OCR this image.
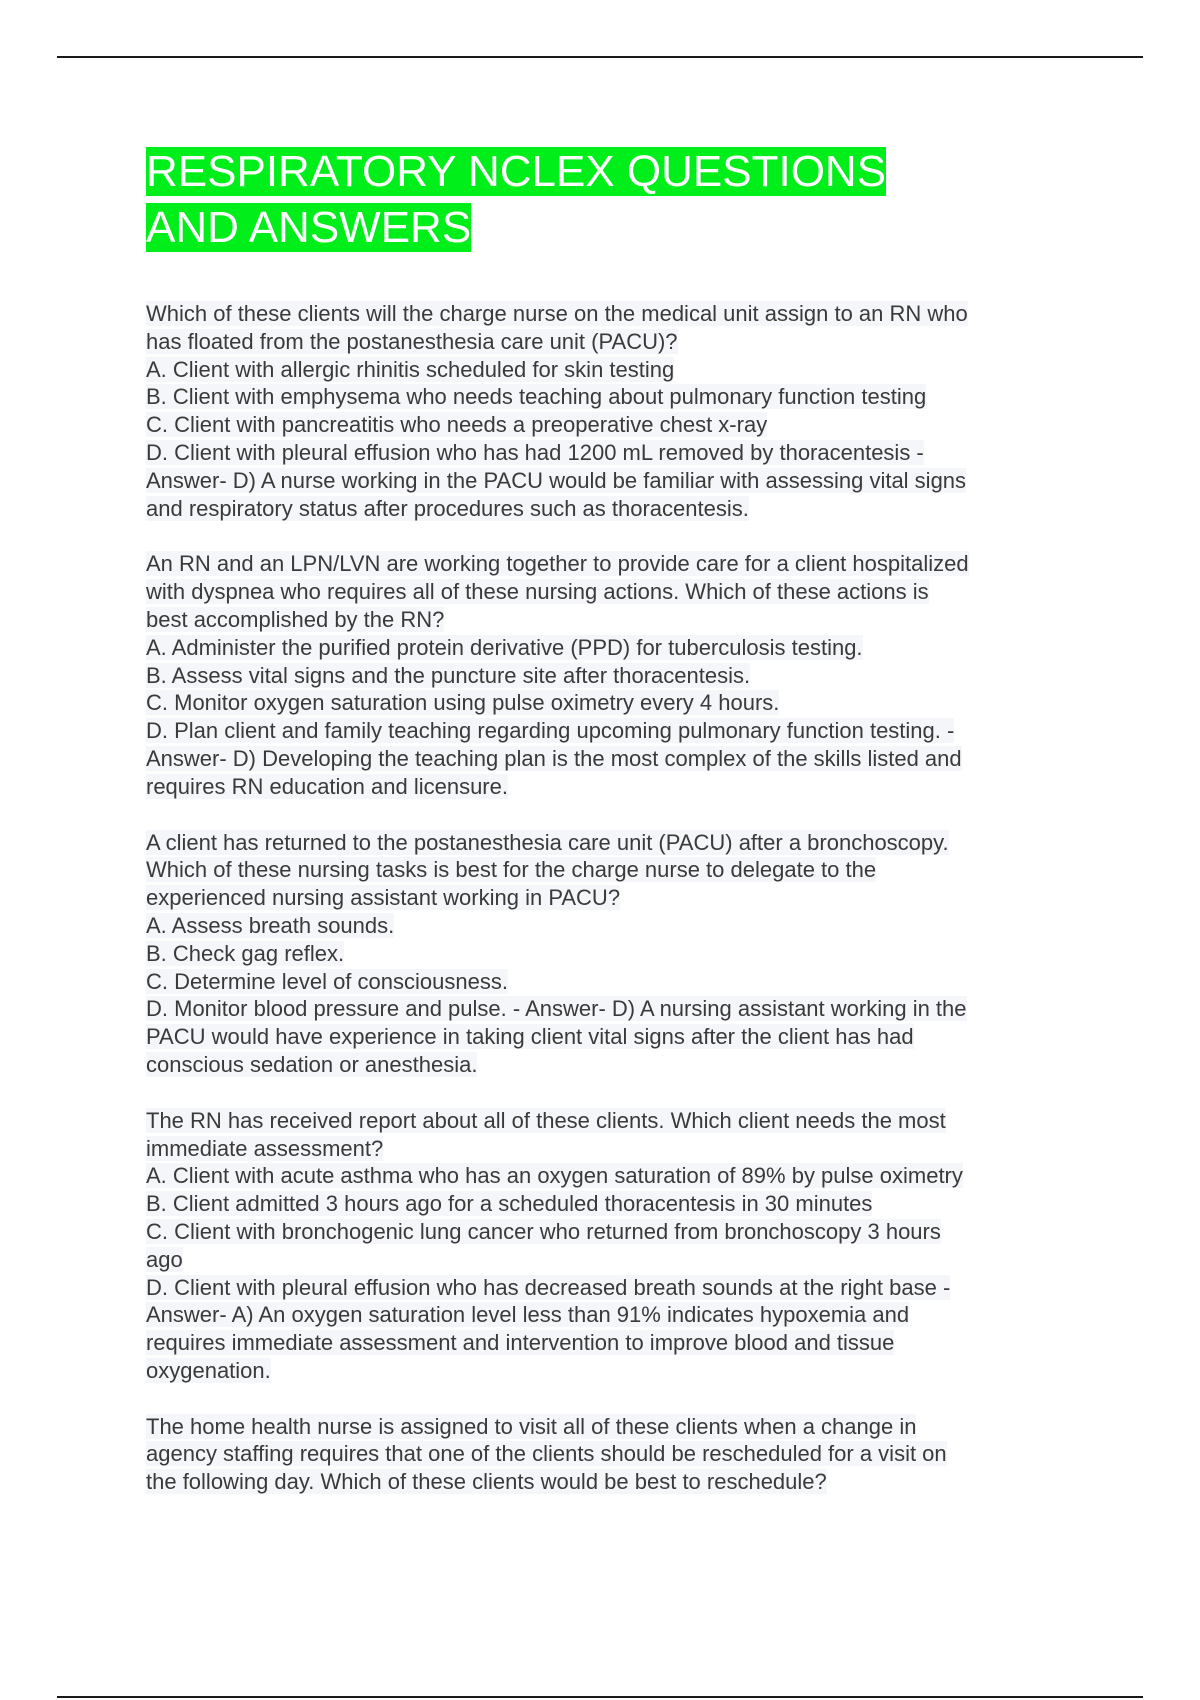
RESPIRATORY NCLEX QUESTIONS
AND ANSWERS
Which of these clients will the charge nurse on the medical unit assign to an RN who
has floated from the postanesthesia care unit (PACU)?
A. Client with allergic rhinitis scheduled for skin testing
B. Client with emphysema who needs teaching about pulmonary function testing
C. Client with pancreatitis who needs a preoperative chest x-ray
D. Client with pleural effusion who has had 1200 mL removed by thoracentesis -
Answer- D) A nurse working in the PACU would be familiar with assessing vital signs
and respiratory status after procedures such as thoracentesis.
An RN and an LPN/LVN are working together to provide care for a client hospitalized
with dyspnea who requires all of these nursing actions. Which of these actions is
best accomplished by the RN?
A. Administer the purified protein derivative (PPD) for tuberculosis testing.
B. Assess vital signs and the puncture site after thoracentesis.
C. Monitor oxygen saturation using pulse oximetry every 4 hours.
D. Plan client and family teaching regarding upcoming pulmonary function testing. -
Answer- D) Developing the teaching plan is the most complex of the skills listed and
requires RN education and licensure.
A client has returned to the postanesthesia care unit (PACU) after a bronchoscopy.
Which of these nursing tasks is best for the charge nurse to delegate to the
experienced nursing assistant working in PACU?
A. Assess breath sounds.
B. Check gag reflex.
C. Determine level of consciousness.
D. Monitor blood pressure and pulse. - Answer- D) A nursing assistant working in the
PACU would have experience in taking client vital signs after the client has had
conscious sedation or anesthesia.
The RN has received report about all of these clients. Which client needs the most
immediate assessment?
A. Client with acute asthma who has an oxygen saturation of 89% by pulse oximetry
B. Client admitted 3 hours ago for a scheduled thoracentesis in 30 minutes
C. Client with bronchogenic lung cancer who returned from bronchoscopy 3 hours
ago
D. Client with pleural effusion who has decreased breath sounds at the right base -
Answer- A) An oxygen saturation level less than 91% indicates hypoxemia and
requires immediate assessment and intervention to improve blood and tissue
oxygenation.
The home health nurse is assigned to visit all of these clients when a change in
agency staffing requires that one of the clients should be rescheduled for a visit on
the following day. Which of these clients would be best to reschedule?
